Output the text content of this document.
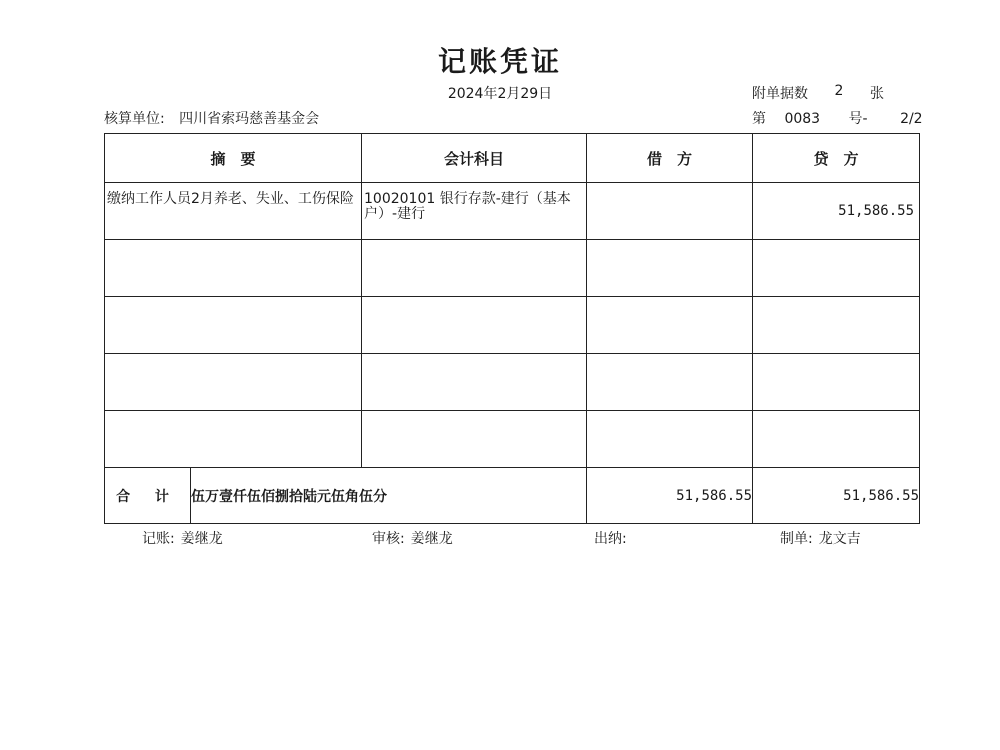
记账凭证
2024年2月29日	附单据数	2	张
核算单位: 四川省索玛慈善基金会	第 0083 号- 2/2
摘　要		会计科目	借　方	贷　方

缴纳工作人员2月养老、失业、工伤保险		10020101 银行存款-建行（基本户）-建行		51,586.55

合 计	伍万壹仟伍佰捌拾陆元伍角伍分		51,586.55	51,586.55
记账: 姜继龙	审核: 姜继龙	出纳:	制单: 龙文吉
